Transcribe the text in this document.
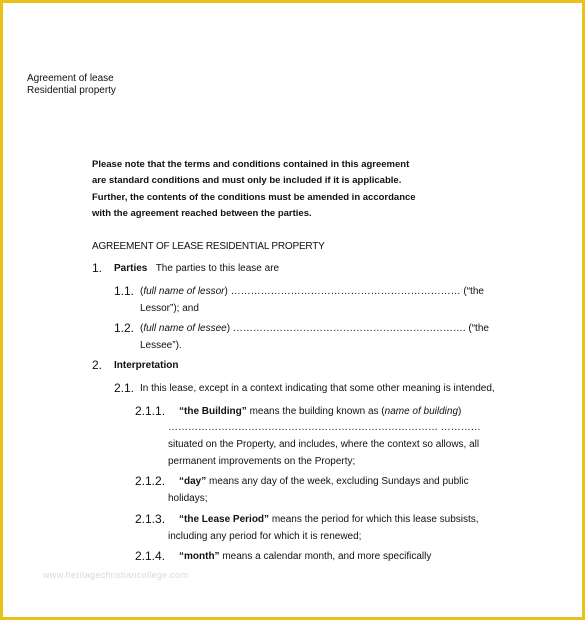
Agreement of lease
Residential property
Please note that the terms and conditions contained in this agreement are standard conditions and must only be included if it is applicable. Further, the contents of the conditions must be amended in accordance with the agreement reached between the parties.
AGREEMENT OF LEASE RESIDENTIAL PROPERTY
1. Parties The parties to this lease are
1.1. (full name of lessor) …………………………………………………………… (“the
Lessor”); and
1.2. (full name of lessee) ……………………………………………………………. (“the
Lessee”).
2. Interpretation
2.1. In this lease, except in a context indicating that some other meaning is intended,
2.1.1. “the Building” means the building known as (name of building)
……………………………………………………………………… …………
situated on the Property, and includes, where the context so allows, all
permanent improvements on the Property;
2.1.2. “day” means any day of the week, excluding Sundays and public
holidays;
2.1.3. “the Lease Period” means the period for which this lease subsists,
including any period for which it is renewed;
2.1.4. “month” means a calendar month, and more specifically
www.heritagechristiancollege.com
